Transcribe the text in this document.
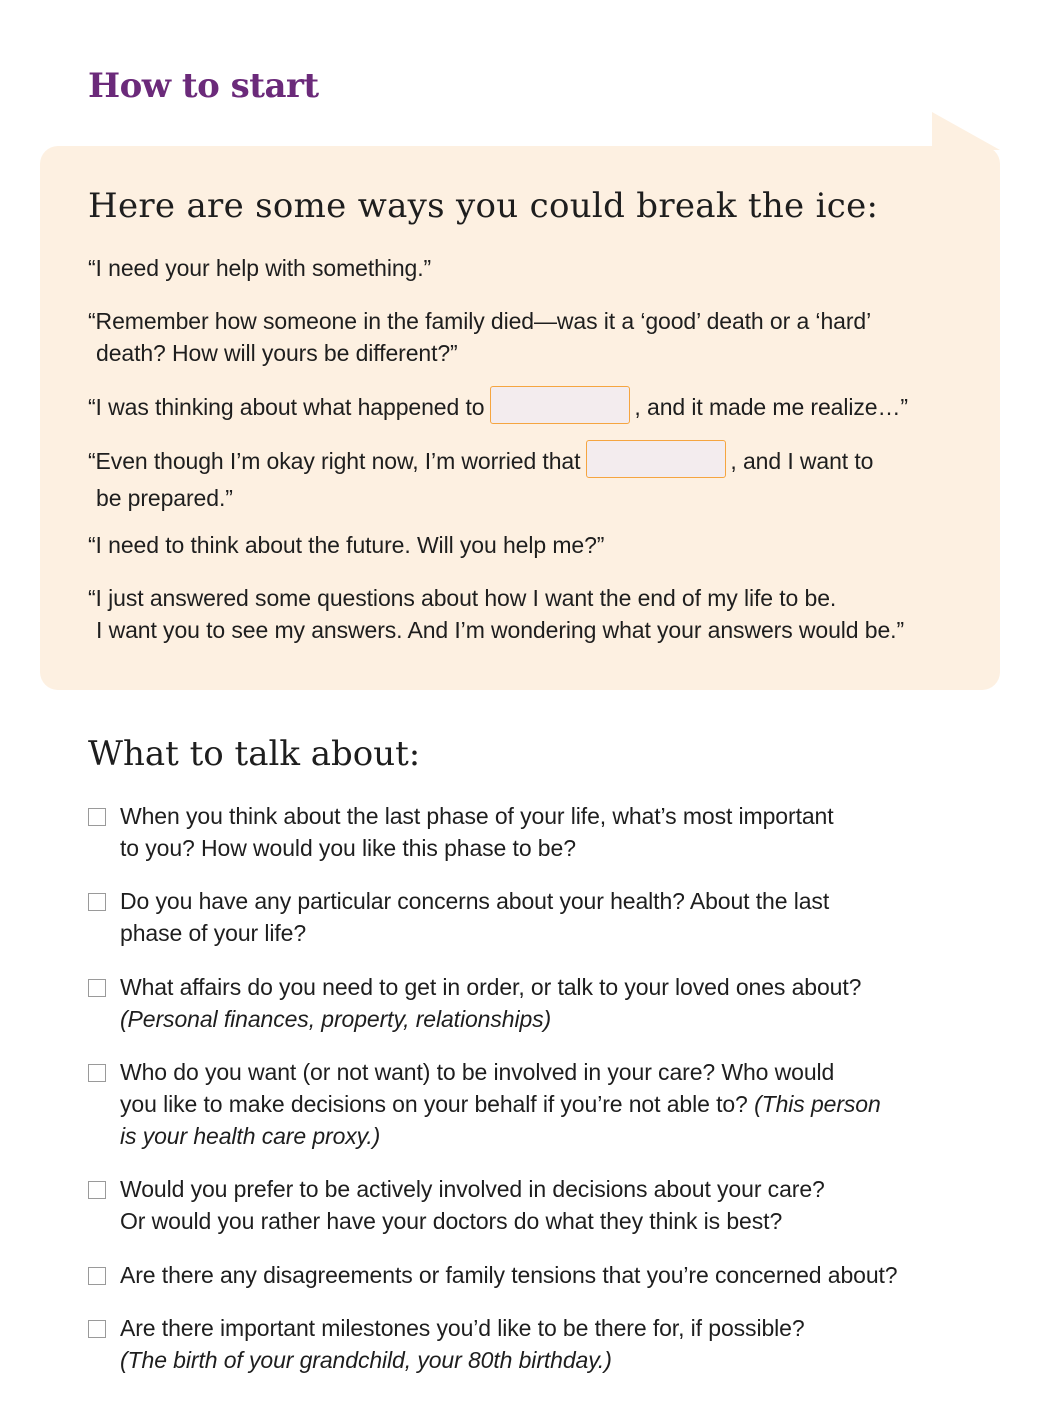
How to start
Here are some ways you could break the ice:

“I need your help with something.”

“Remember how someone in the family died—was it a ‘good’ death or a ‘hard’
death? How will yours be different?”

“I was thinking about what happened to	, and it made me realize…”

“Even though I’m okay right now, I’m worried that	, and I want to
be prepared.”

“I need to think about the future. Will you help me?”

“I just answered some questions about how I want the end of my life to be.
I want you to see my answers. And I’m wondering what your answers would be.”

What to talk about:
When you think about the last phase of your life, what’s most important
to you? How would you like this phase to be?
Do you have any particular concerns about your health? About the last
phase of your life?
What affairs do you need to get in order, or talk to your loved ones about?
(Personal finances, property, relationships)
Who do you want (or not want) to be involved in your care? Who would
you like to make decisions on your behalf if you’re not able to? (This person
is your health care proxy.)
Would you prefer to be actively involved in decisions about your care?
Or would you rather have your doctors do what they think is best?
Are there any disagreements or family tensions that you’re concerned about?
Are there important milestones you’d like to be there for, if possible?
(The birth of your grandchild, your 80th birthday.)
